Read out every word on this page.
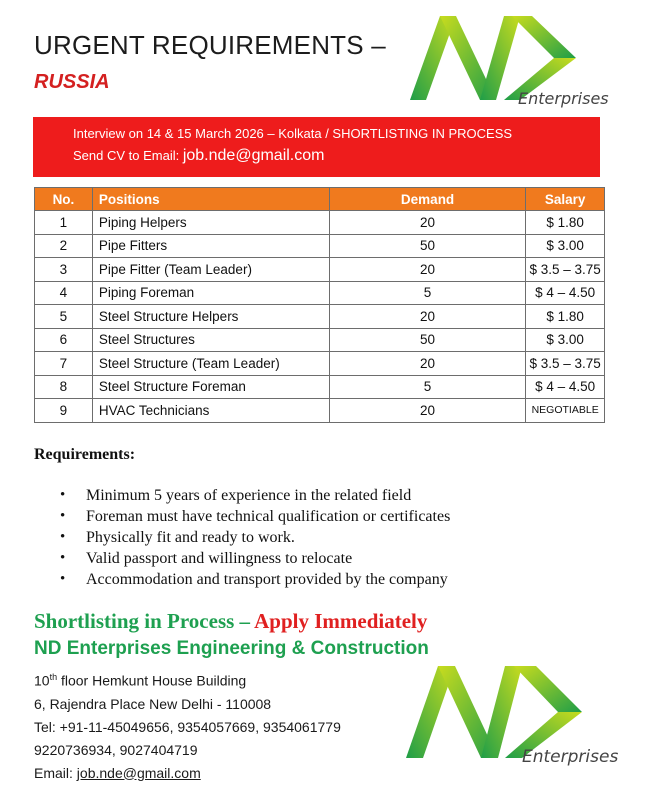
URGENT REQUIREMENTS –
RUSSIA
Enterprises
Interview on 14 & 15 March 2026 – Kolkata / SHORTLISTING IN PROCESS
Send CV to Email: job.nde@gmail.com
No.	Positions	Demand	Salary
1	Piping Helpers	20	$ 1.80
2	Pipe Fitters	50	$ 3.00
3	Pipe Fitter (Team Leader)	20	$ 3.5 – 3.75
4	Piping Foreman	5	$ 4 – 4.50
5	Steel Structure Helpers	20	$ 1.80
6	Steel Structures	50	$ 3.00
7	Steel Structure (Team Leader)	20	$ 3.5 – 3.75
8	Steel Structure Foreman	5	$ 4 – 4.50
9	HVAC Technicians	20	NEGOTIABLE
Requirements:
• Minimum 5 years of experience in the related field
• Foreman must have technical qualification or certificates
• Physically fit and ready to work.
• Valid passport and willingness to relocate
• Accommodation and transport provided by the company
Shortlisting in Process – Apply Immediately
ND Enterprises Engineering & Construction
10th floor Hemkunt House Building
6, Rajendra Place New Delhi - 110008
Tel: +91-11-45049656, 9354057669, 9354061779
9220736934, 9027404719
Email: job.nde@gmail.com
Enterprises
